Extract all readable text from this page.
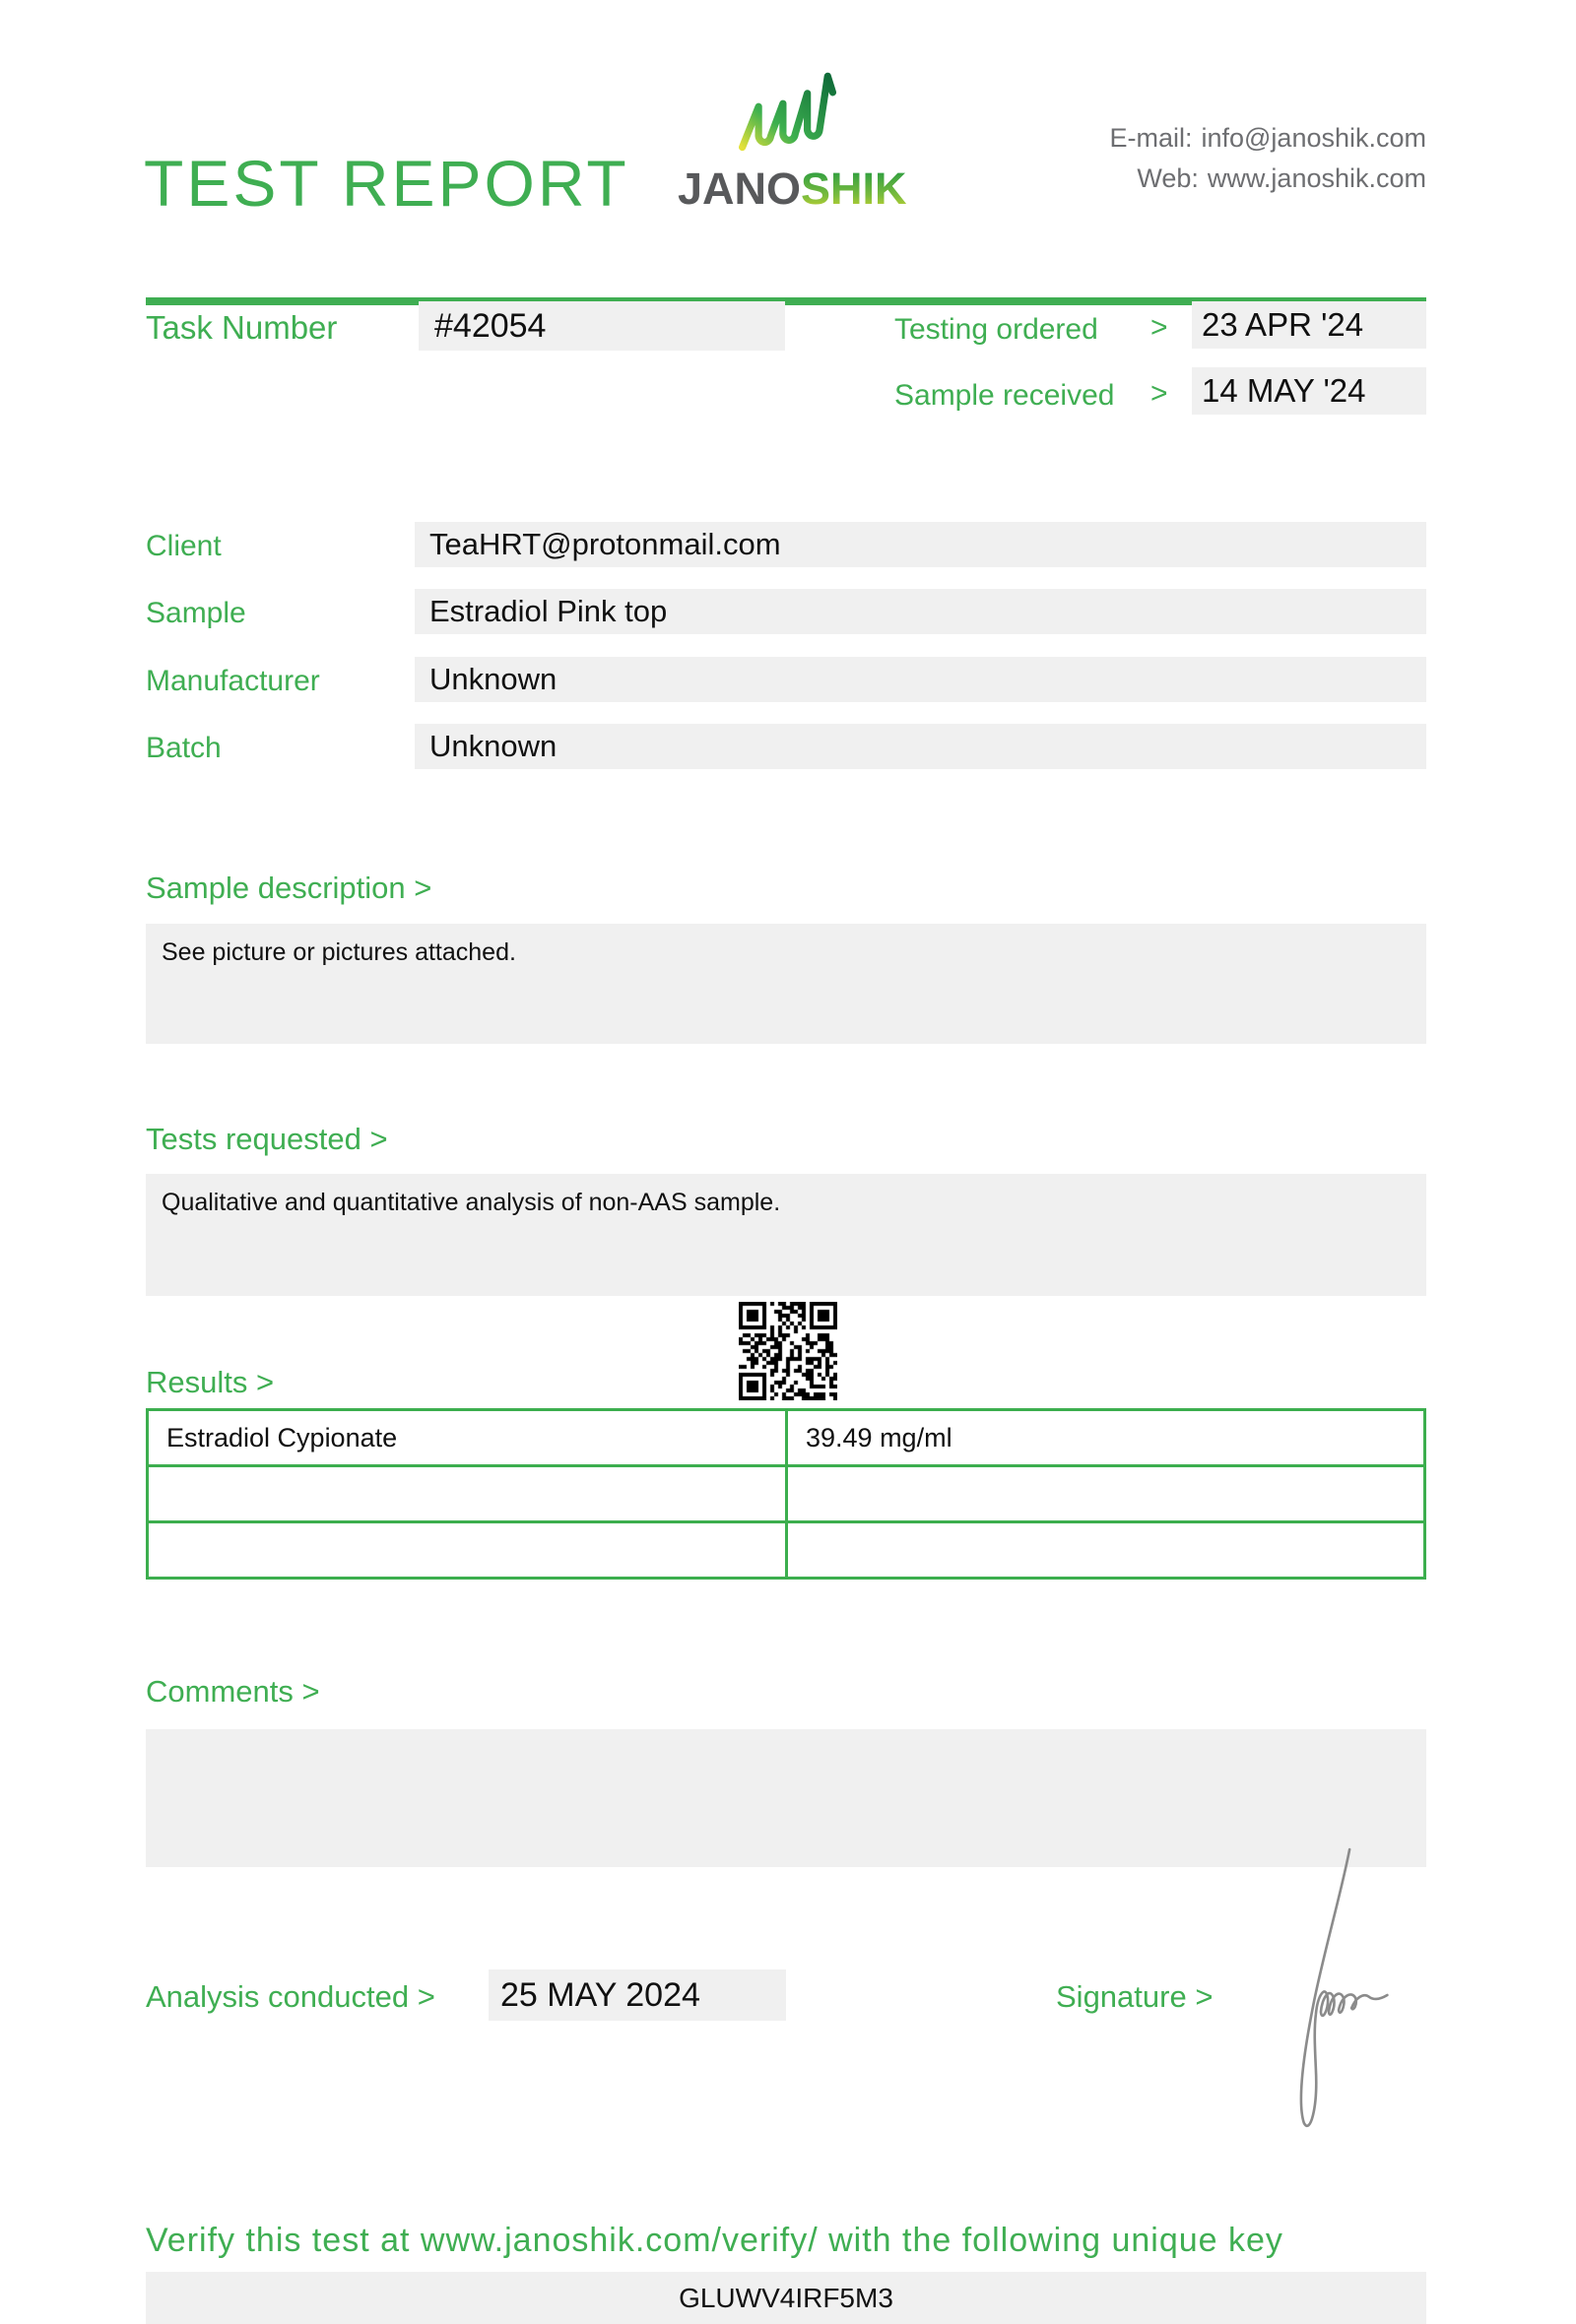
TEST REPORT JANOSHIK
E-mail: info@janoshik.com
Web: www.janoshik.com
Task Number	#42054	Testing ordered >	23 APR '24
Sample received >	14 MAY '24
Client	TeaHRT@protonmail.com
Sample	Estradiol Pink top
Manufacturer	Unknown
Batch	Unknown
Sample description >
See picture or pictures attached.
Tests requested >
Qualitative and quantitative analysis of non-AAS sample.
Results >
Estradiol Cypionate	39.49 mg/ml

Comments >
Analysis conducted >	25 MAY 2024	Signature >
Verify this test at www.janoshik.com/verify/ with the following unique key
GLUWV4IRF5M3
